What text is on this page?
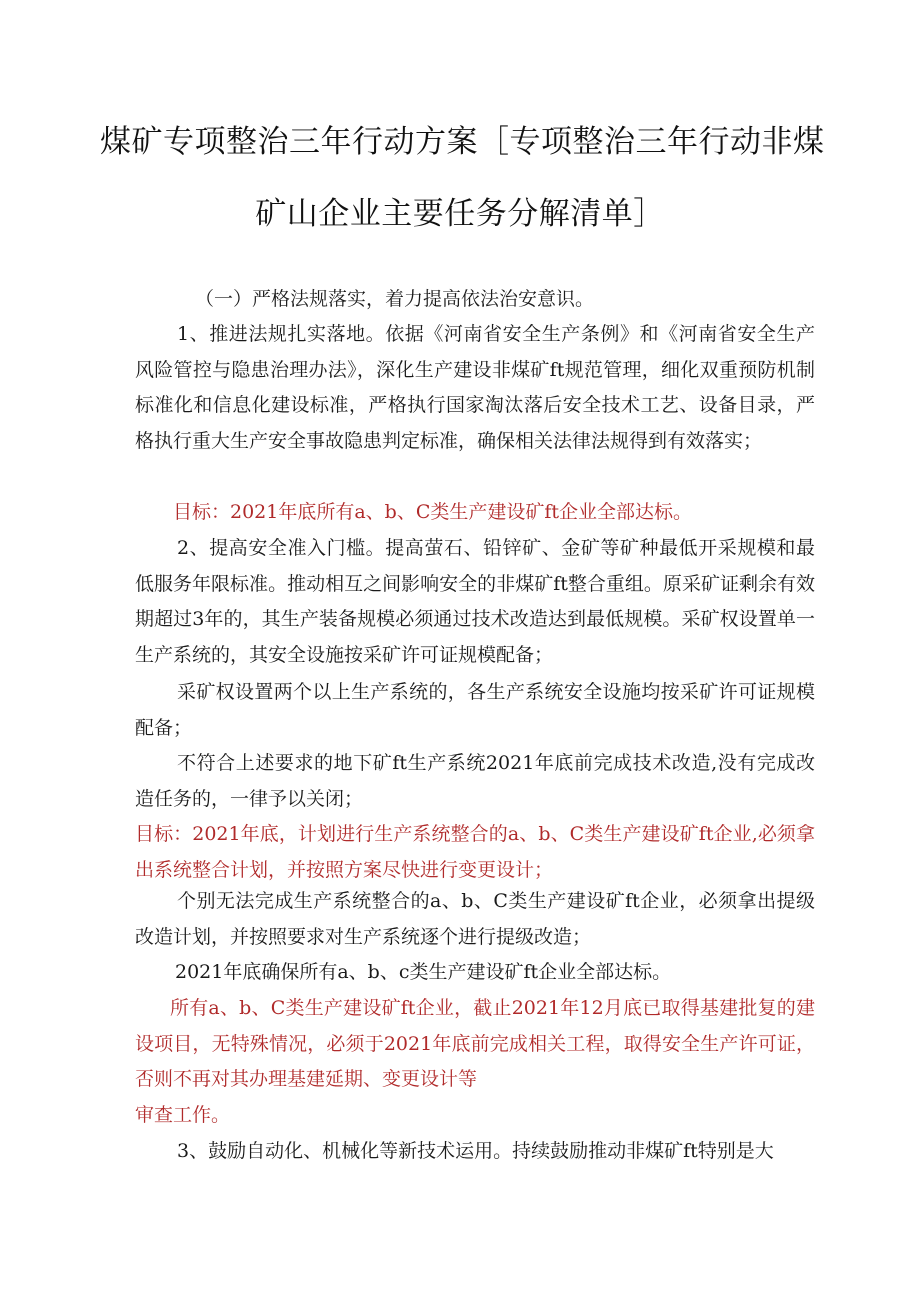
煤矿专项整治三年行动方案［专项整治三年行动非煤
矿山企业主要任务分解清单］

（一）严格法规落实，着力提高依法治安意识。

1、推进法规扎实落地。依据《河南省安全生产条例》和《河南省安全生产风险管控与隐患治理办法》，深化生产建设非煤矿ft规范管理，细化双重预防机制标准化和信息化建设标准，严格执行国家淘汰落后安全技术工艺、设备目录，严格执行重大生产安全事故隐患判定标准，确保相关法律法规得到有效落实；

目标：2021年底所有a、b、C类生产建设矿ft企业全部达标。

2、提高安全准入门槛。提高萤石、铅锌矿、金矿等矿种最低开采规模和最低服务年限标准。推动相互之间影响安全的非煤矿ft整合重组。原采矿证剩余有效期超过3年的，其生产装备规模必须通过技术改造达到最低规模。采矿权设置单一生产系统的，其安全设施按采矿许可证规模配备；

采矿权设置两个以上生产系统的，各生产系统安全设施均按采矿许可证规模配备；

不符合上述要求的地下矿ft生产系统2021年底前完成技术改造,没有完成改造任务的，一律予以关闭；

目标：2021年底，计划进行生产系统整合的a、b、C类生产建设矿ft企业,必须拿出系统整合计划，并按照方案尽快进行变更设计；

个别无法完成生产系统整合的a、b、C类生产建设矿ft企业，必须拿出提级改造计划，并按照要求对生产系统逐个进行提级改造；

2021年底确保所有a、b、c类生产建设矿ft企业全部达标。

所有a、b、C类生产建设矿ft企业，截止2021年12月底已取得基建批复的建设项目，无特殊情况，必须于2021年底前完成相关工程，取得安全生产许可证，否则不再对其办理基建延期、变更设计等

审查工作。

3、鼓励自动化、机械化等新技术运用。持续鼓励推动非煤矿ft特别是大
